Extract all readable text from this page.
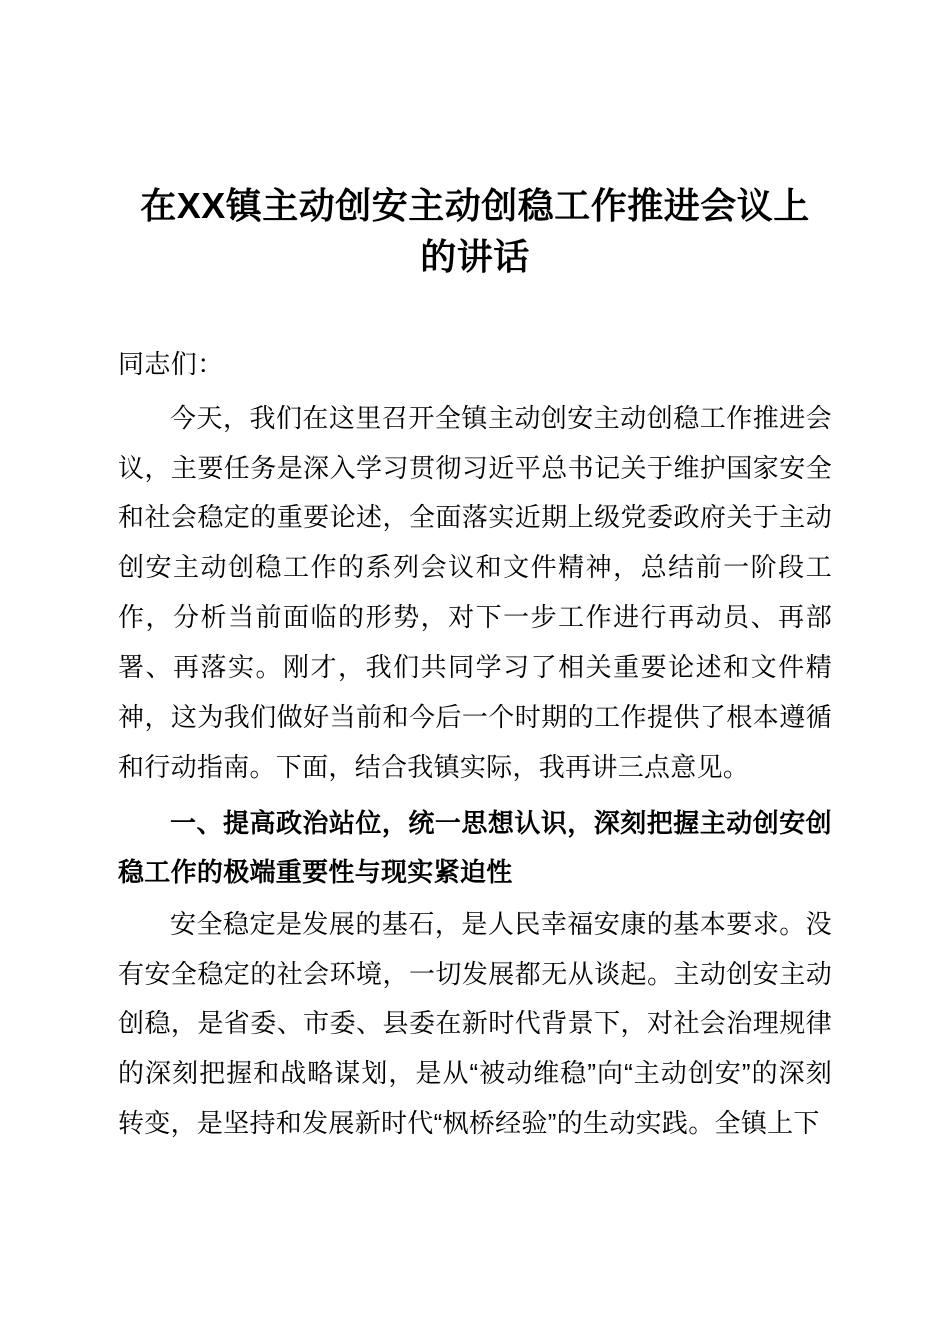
在XX镇主动创安主动创稳工作推进会议上的讲话

同志们：

今天，我们在这里召开全镇主动创安主动创稳工作推进会议，主要任务是深入学习贯彻习近平总书记关于维护国家安全和社会稳定的重要论述，全面落实近期上级党委政府关于主动创安主动创稳工作的系列会议和文件精神，总结前一阶段工作，分析当前面临的形势，对下一步工作进行再动员、再部署、再落实。刚才，我们共同学习了相关重要论述和文件精神，这为我们做好当前和今后一个时期的工作提供了根本遵循和行动指南。下面，结合我镇实际，我再讲三点意见。

一、提高政治站位，统一思想认识，深刻把握主动创安创稳工作的极端重要性与现实紧迫性

安全稳定是发展的基石，是人民幸福安康的基本要求。没有安全稳定的社会环境，一切发展都无从谈起。主动创安主动创稳，是省委、市委、县委在新时代背景下，对社会治理规律的深刻把握和战略谋划，是从“被动维稳”向“主动创安”的深刻转变，是坚持和发展新时代“枫桥经验”的生动实践。全镇上下
